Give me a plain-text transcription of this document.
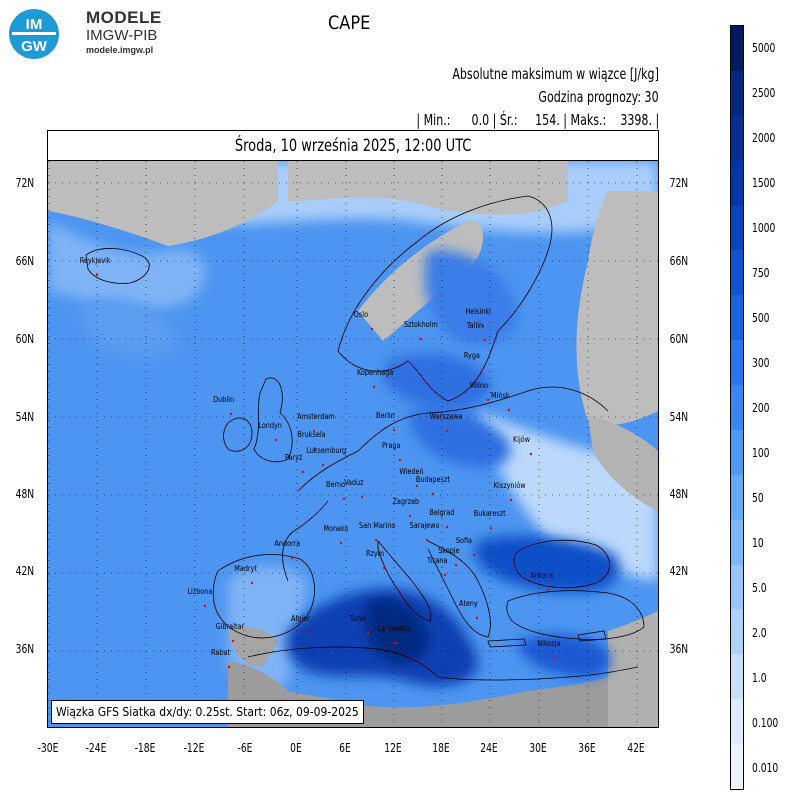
IM
GW
MODELE
IMGW-PIB
modele.imgw.pl
CAPE
Absolutne maksimum w wiązce [J/kg]
Godzina prognozy: 30
| Min.:      0.0 | Śr.:     154. | Maks.:    3398. |
Środa, 10 września 2025, 12:00 UTC
Wiązka GFS Siatka dx/dy: 0.25st. Start: 06z, 09-09-2025
72N
66N
60N
54N
48N
42N
36N
72N
66N
60N
54N
48N
42N
36N
-30E -24E -18E -12E	-6E	0E	6E	12E	18E	24E	30E	36E	42E
Reykjavik
Oslo
Sztokholm
Helsinki
Tallin
Ryga
Kopenhaga
Wilno
Mińsk
Dublin
Londyn
Amsterdam	Berlin	Warszawa
Bruksela
Luksemburg
Paryż
Kijów
Praga
Wiedeń
Budapeszt
Berno
Vaduz	Kiszyniów
Zagrzeb
Belgrad Bukareszt
Sarajewo
San Marino
Monako
Andorra	Sofia
Skopje
Tirana
Rzym
Madryt
Ankara
Lizbona
Ateny
Algier	Tunis
Gibraltar	La Valetta
Nikozja
Rabat
5000
2500
2000
1500
1000
750
500
300
200
100
50
10
5.0
2.0
1.0
0.100
0.010
